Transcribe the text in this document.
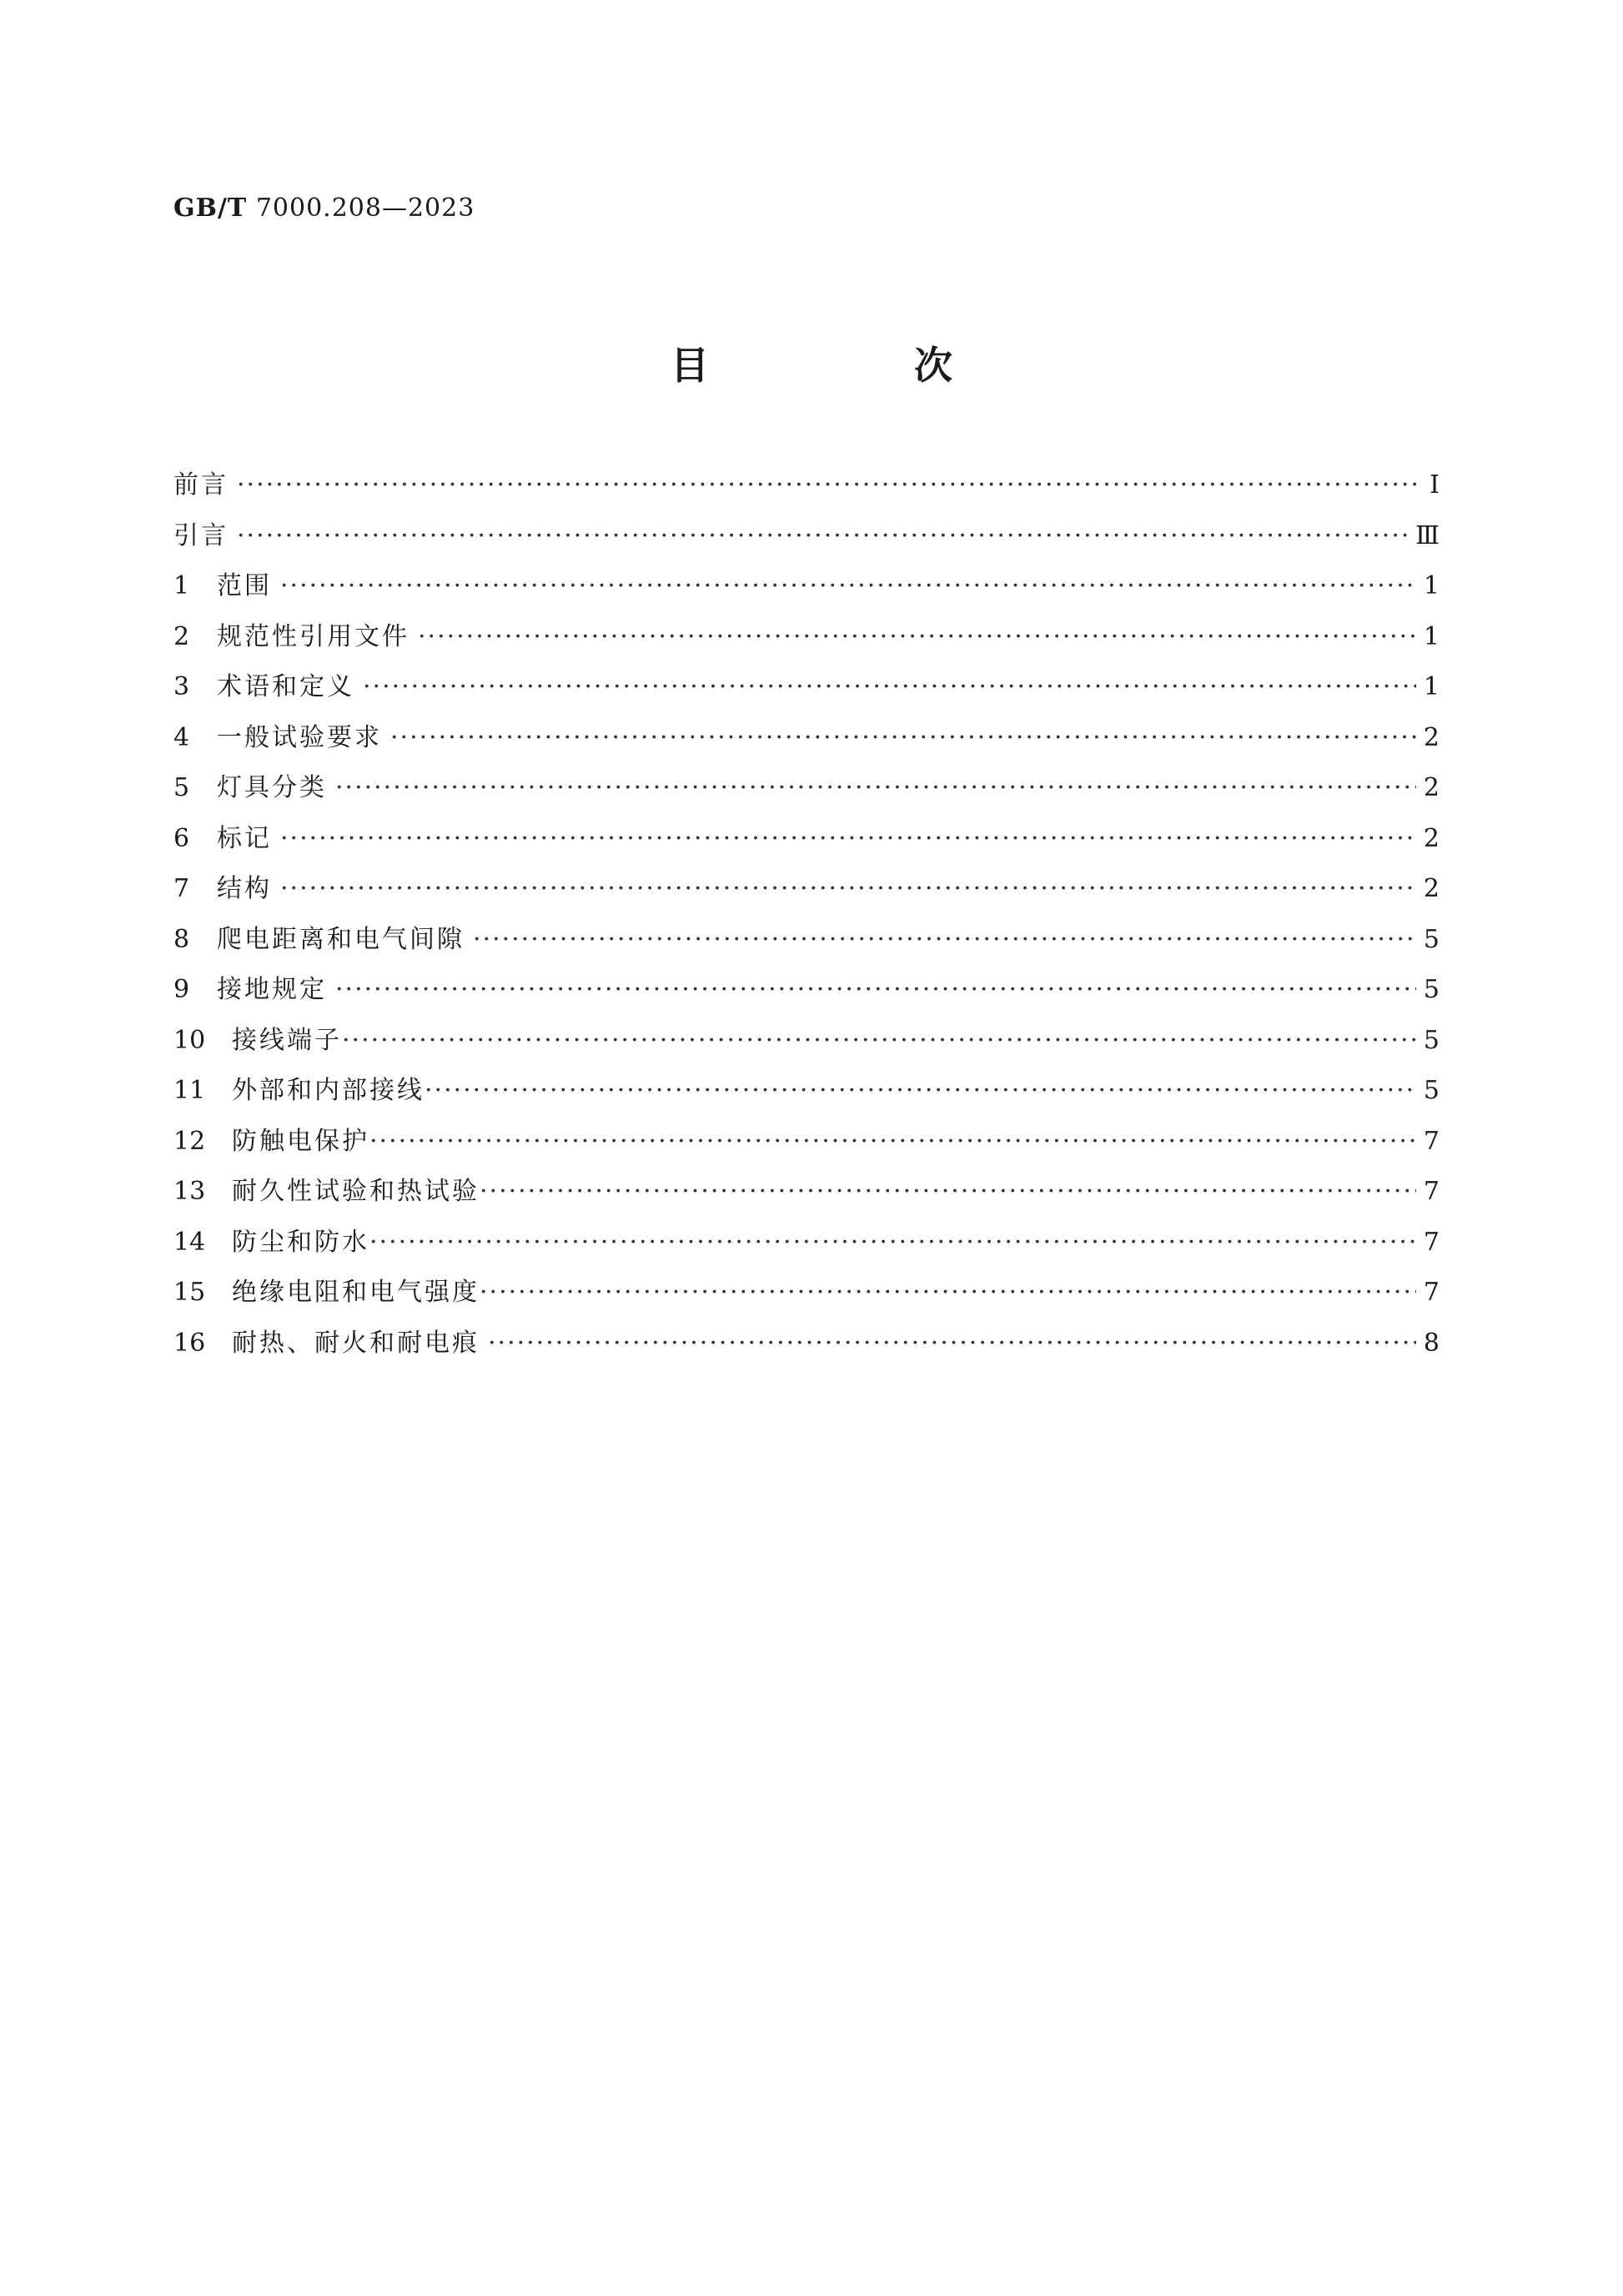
GB/T 7000.208—2023
目　次
前言 ·····	Ⅰ
引言 ·····	Ⅲ
1	范围 ·····	1
2	规范性引用文件 ·····	1
3	术语和定义 ·····	1
4	一般试验要求 ·····	2
5	灯具分类 ·····	2
6	标记 ·····	2
7	结构 ·····	2
8	爬电距离和电气间隙 ·····	5
9	接地规定 ·····	5
10	接线端子 ·····	5
11	外部和内部接线 ·····	5
12	防触电保护 ·····	7
13	耐久性试验和热试验 ·····	7
14	防尘和防水 ·····	7
15	绝缘电阻和电气强度 ·····	7
16	耐热、耐火和耐电痕 ·····	8
